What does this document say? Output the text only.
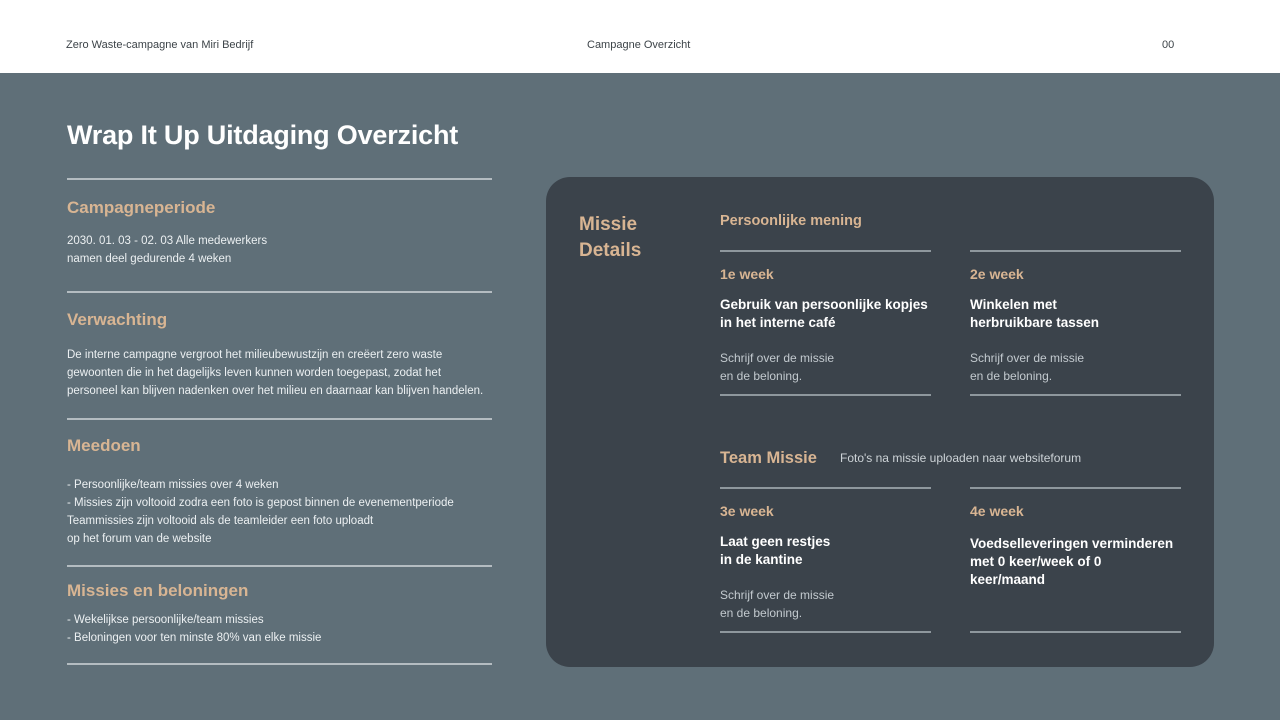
Zero Waste-campagne van Miri Bedrijf	Campagne Overzicht	00
Wrap It Up Uitdaging Overzicht
Campagneperiode
2030. 01. 03 - 02. 03 Alle medewerkers
namen deel gedurende 4 weken
Verwachting
De interne campagne vergroot het milieubewustzijn en creëert zero waste
gewoonten die in het dagelijks leven kunnen worden toegepast, zodat het
personeel kan blijven nadenken over het milieu en daarnaar kan blijven handelen.
Meedoen
- Persoonlijke/team missies over 4 weken
- Missies zijn voltooid zodra een foto is gepost binnen de evenementperiode
Teammissies zijn voltooid als de teamleider een foto uploadt
op het forum van de website
Missies en beloningen
- Wekelijkse persoonlijke/team missies
- Beloningen voor ten minste 80% van elke missie
Missie
Details
Persoonlijke mening
1e week
Gebruik van persoonlijke kopjes
in het interne café
Schrijf over de missie
en de beloning.
2e week
Winkelen met
herbruikbare tassen
Schrijf over de missie
en de beloning.
Team Missie Foto's na missie uploaden naar websiteforum
3e week
Laat geen restjes
in de kantine
Schrijf over de missie
en de beloning.
4e week
Voedselleveringen verminderen
met 0 keer/week of 0
keer/maand
